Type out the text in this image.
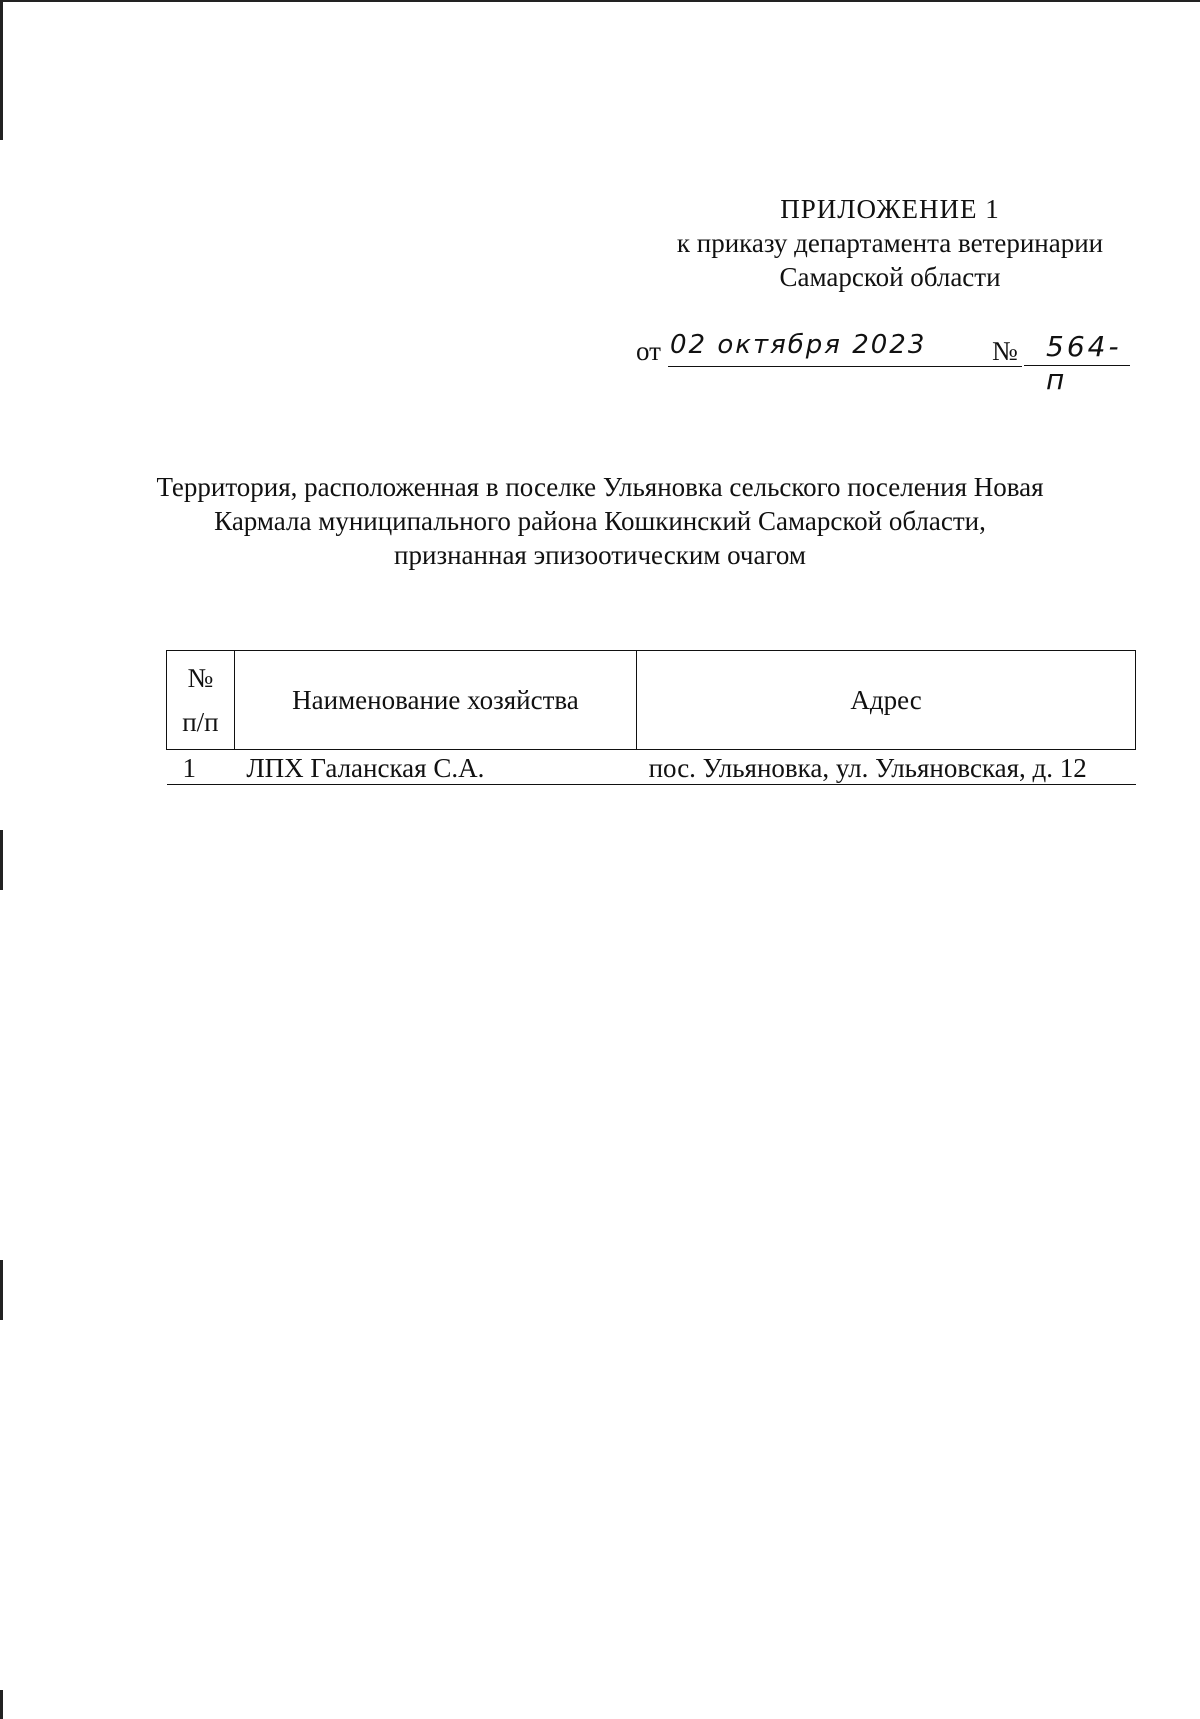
ПРИЛОЖЕНИЕ 1
к приказу департамента ветеринарии
Самарской области
от 02 октября 2023	№	564-п
Территория, расположенная в поселке Ульяновка сельского поселения Новая
Кармала муниципального района Кошкинский Самарской области,
признанная эпизоотическим очагом
№
п/п	Наименование хозяйства	Адрес
1	ЛПХ Галанская С.А.	пос. Ульяновка, ул. Ульяновская, д. 12
